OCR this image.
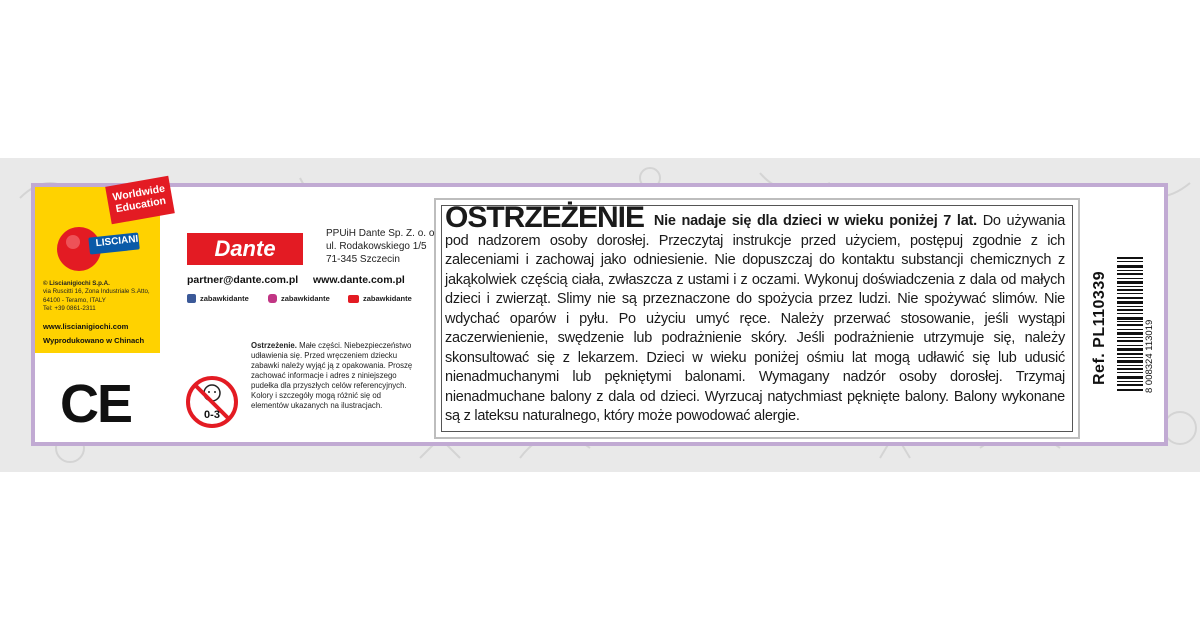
Worldwide Education
LISCIANI
© Liscianigiochi S.p.A.
via Ruscitti 16, Zona Industriale S.Atto,
64100 - Teramo, ITALY
Tel: +39 0861-2311
www.liscianigiochi.com
Wyprodukowano w Chinach
CE
Dante
PPUiH Dante Sp. Z. o. o
ul. Rodakowskiego 1/5
71-345 Szczecin
partner@dante.com.pl www.dante.com.pl
zabawkidante	zabawkidante	zabawkidante
Ostrzeżenie. Małe części. Niebezpieczeństwo udławienia się. Przed wręczeniem dziecku zabawki należy wyjąć ją z opakowania. Proszę zachować informacje i adres z niniejszego pudełka dla przyszłych celów referencyjnych. Kolory i szczegóły mogą różnić się od elementów ukazanych na ilustracjach.
0-3
OSTRZEŻENIE Nie nadaje się dla dzieci w wieku poniżej 7 lat. Do używania pod nadzorem osoby dorosłej. Przeczytaj instrukcje przed użyciem, postępuj zgodnie z ich zaleceniami i zachowaj jako odniesienie. Nie dopuszczaj do kontaktu substancji chemicznych z jakąkolwiek częścią ciała, zwłaszcza z ustami i z oczami. Wykonuj doświadczenia z dala od małych dzieci i zwierząt. Slimy nie są przeznaczone do spożycia przez ludzi. Nie spożywać slimów. Nie wdychać oparów i pyłu. Po użyciu umyć ręce. Należy przerwać stosowanie, jeśli wystąpi zaczerwienienie, swędzenie lub podrażnienie skóry. Jeśli podrażnienie utrzymuje się, należy skonsultować się z lekarzem. Dzieci w wieku poniżej ośmiu lat mogą udławić się lub udusić nienadmuchanymi lub pękniętymi balonami. Wymagany nadzór osoby dorosłej. Trzymaj nienadmuchane balony z dala od dzieci. Wyrzucaj natychmiast pęknięte balony. Balony wykonane są z lateksu naturalnego, który może powodować alergie.
Ref. PL110339	8 008324 113019
